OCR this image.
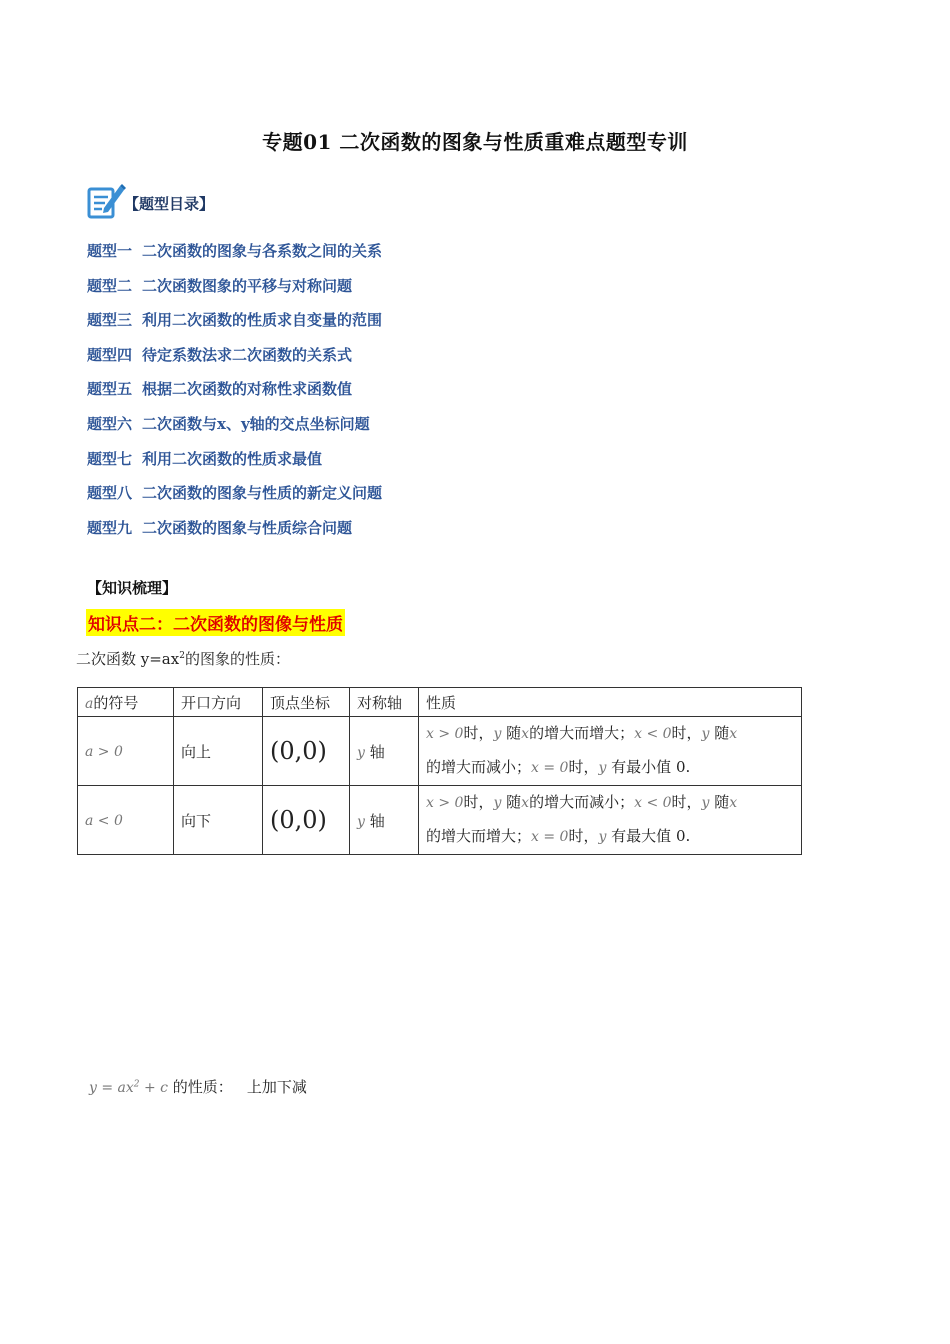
专题01 二次函数的图象与性质重难点题型专训
【题型目录】
题型一 二次函数的图象与各系数之间的关系
题型二 二次函数图象的平移与对称问题
题型三 利用二次函数的性质求自变量的范围
题型四 待定系数法求二次函数的关系式
题型五 根据二次函数的对称性求函数值
题型六 二次函数与x、y轴的交点坐标问题
题型七 利用二次函数的性质求最值
题型八 二次函数的图象与性质的新定义问题
题型九 二次函数的图象与性质综合问题
【知识梳理】
知识点二：二次函数的图像与性质
二次函数 $y=ax^2$的图象的性质：
a的符号	开口方向	顶点坐标	对称轴	性质
a > 0	向上	(0,0)	y 轴	x > 0时，y 随x的增大而增大；x < 0时，y 随x
的增大而减小；x = 0时，y 有最小值 0.
a < 0	向下	(0,0)	y 轴	x > 0时，y 随x的增大而减小；x < 0时，y 随x
的增大而增大；x = 0时，y 有最大值 0.
$y = ax^2 + c$ 的性质： 上加下减
